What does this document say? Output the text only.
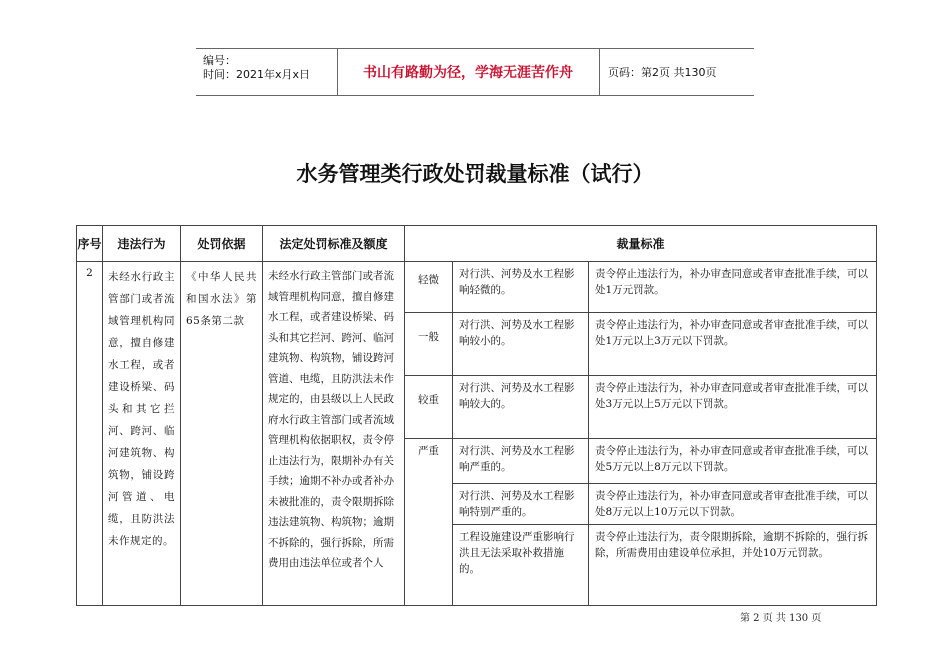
编号：
时间：2021年x月x日	书山有路勤为径，学海无涯苦作舟	页码：第2页 共130页
水务管理类行政处罚裁量标准（试行）
序号	违法行为	处罚依据	法定处罚标准及额度	裁量标准		
2	未经水行政主管部门或者流域管理机构同意，擅自修建水工程，或者建设桥梁、码头和其它拦河、跨河、临河建筑物、构筑物，铺设跨河管道、电缆，且防洪法未作规定的。	《中华人民共和国水法》第65条第二款	未经水行政主管部门或者流域管理机构同意，擅自修建水工程，或者建设桥梁、码头和其它拦河、跨河、临河建筑物、构筑物，铺设跨河管道、电缆，且防洪法未作规定的，由县级以上人民政府水行政主管部门或者流域管理机构依据职权，责令停止违法行为，限期补办有关手续；逾期不补办或者补办未被批准的，责令限期拆除违法建筑物、构筑物；逾期不拆除的，强行拆除，所需费用由违法单位或者个人	轻微	对行洪、河势及水工程影响轻微的。	责令停止违法行为，补办审查同意或者审查批准手续，可以处1万元罚款。
				一般	对行洪、河势及水工程影响较小的。	责令停止违法行为，补办审查同意或者审查批准手续，可以处1万元以上3万元以下罚款。
				较重	对行洪、河势及水工程影响较大的。	责令停止违法行为，补办审查同意或者审查批准手续，可以处3万元以上5万元以下罚款。
				严重	对行洪、河势及水工程影响严重的。	责令停止违法行为，补办审查同意或者审查批准手续，可以处5万元以上8万元以下罚款。
					对行洪、河势及水工程影响特别严重的。	责令停止违法行为，补办审查同意或者审查批准手续，可以处8万元以上10万元以下罚款。
					工程设施建设严重影响行洪且无法采取补救措施的。	责令停止违法行为，责令限期拆除，逾期不拆除的，强行拆除，所需费用由建设单位承担，并处10万元罚款。
第 2 页 共 130 页
